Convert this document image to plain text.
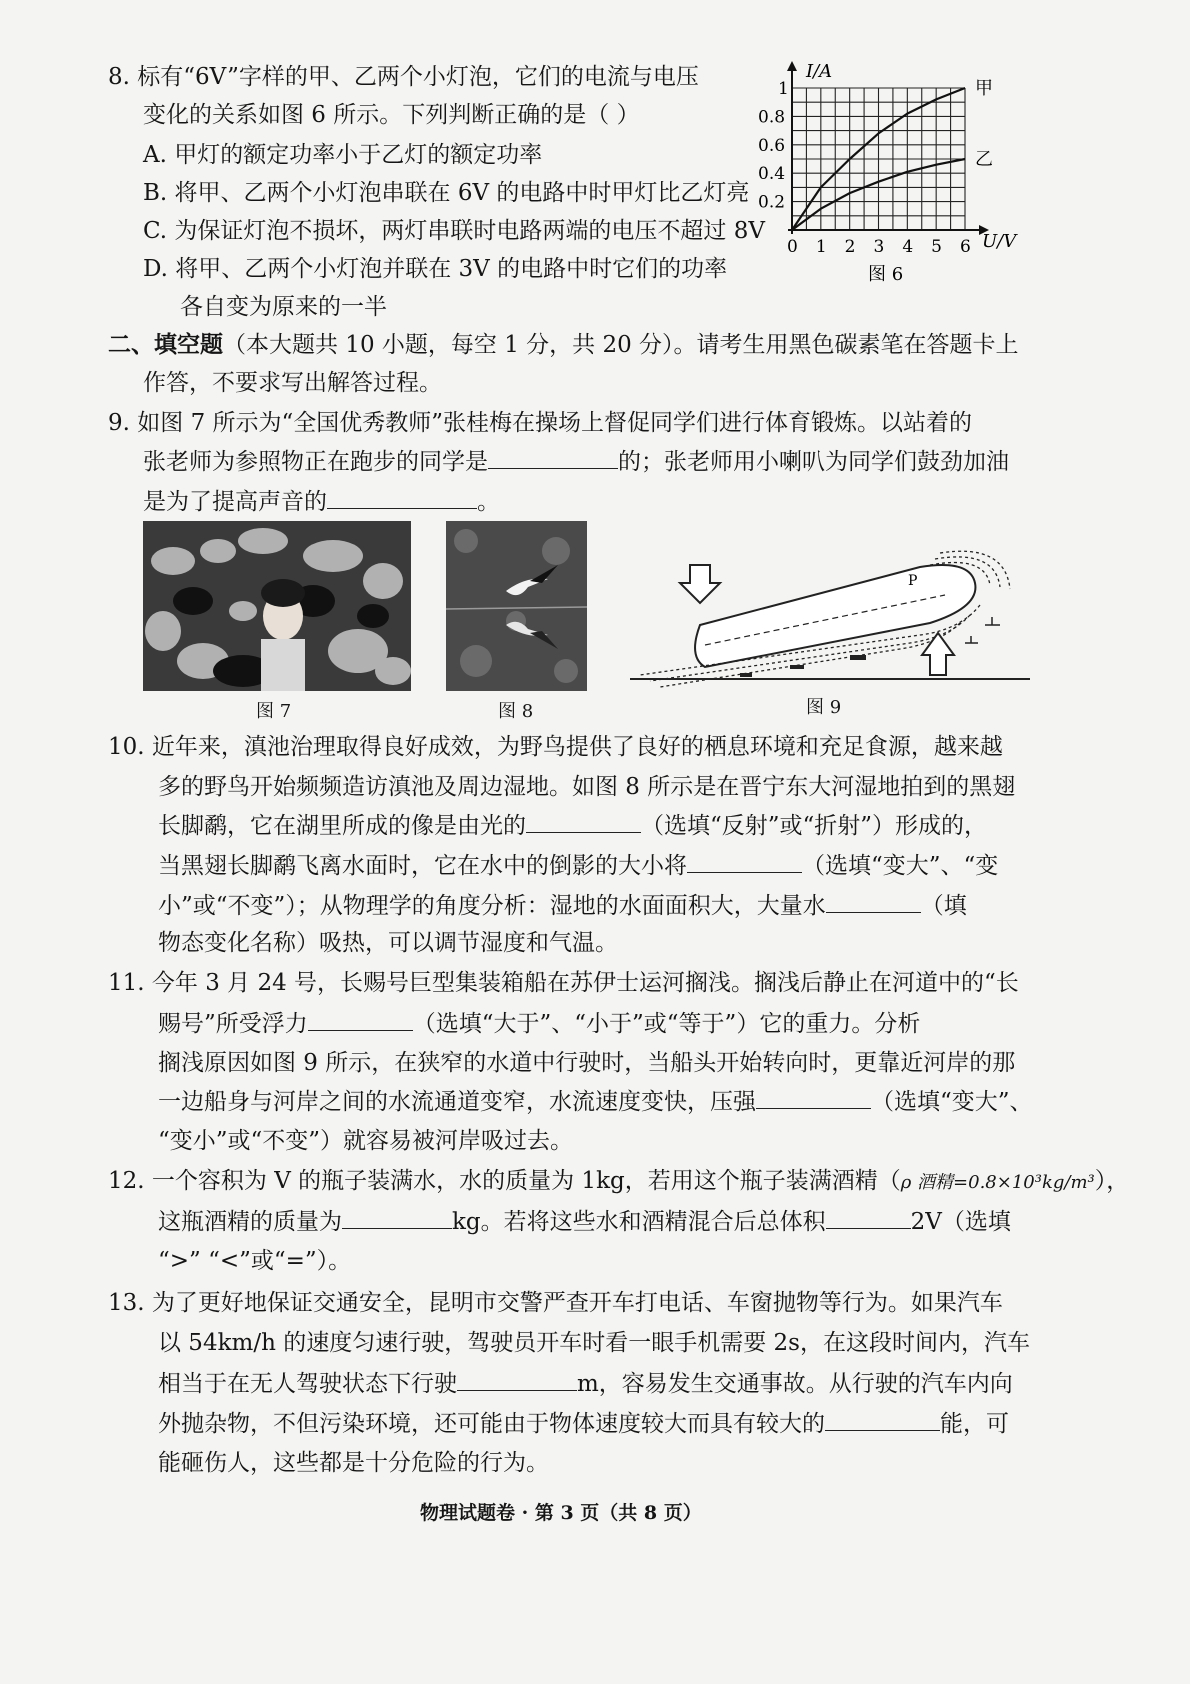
8. 标有“6V”字样的甲、乙两个小灯泡，它们的电流与电压
变化的关系如图 6 所示。下列判断正确的是（ ）
A. 甲灯的额定功率小于乙灯的额定功率
B. 将甲、乙两个小灯泡串联在 6V 的电路中时甲灯比乙灯亮
C. 为保证灯泡不损坏，两灯串联时电路两端的电压不超过 8V
D. 将甲、乙两个小灯泡并联在 3V 的电路中时它们的功率
各自变为原来的一半
0 1 2 3 4 5 6
0.2
0.4
0.6
0.8
1	甲
乙
I/A
U/V
图 6
二、填空题（本大题共 10 小题，每空 1 分，共 20 分）。请考生用黑色碳素笔在答题卡上
作答，不要求写出解答过程。
9. 如图 7 所示为“全国优秀教师”张桂梅在操场上督促同学们进行体育锻炼。以站着的
张老师为参照物正在跑步的同学是	的；张老师用小喇叭为同学们鼓劲加油
是为了提高声音的	。
图 7	图 8
P
图 9
10. 近年来，滇池治理取得良好成效，为野鸟提供了良好的栖息环境和充足食源，越来越
多的野鸟开始频频造访滇池及周边湿地。如图 8 所示是在晋宁东大河湿地拍到的黑翅
长脚鹬，它在湖里所成的像是由光的	（选填“反射”或“折射”）形成的，
当黑翅长脚鹬飞离水面时，它在水中的倒影的大小将	（选填“变大”、“变
小”或“不变”）；从物理学的角度分析：湿地的水面面积大，大量水	（填
物态变化名称）吸热，可以调节湿度和气温。
11. 今年 3 月 24 号，长赐号巨型集装箱船在苏伊士运河搁浅。搁浅后静止在河道中的“长
赐号”所受浮力	（选填“大于”、“小于”或“等于”）它的重力。分析
搁浅原因如图 9 所示，在狭窄的水道中行驶时，当船头开始转向时，更靠近河岸的那
一边船身与河岸之间的水流通道变窄，水流速度变快，压强	（选填“变大”、
“变小”或“不变”）就容易被河岸吸过去。
12. 一个容积为 V 的瓶子装满水，水的质量为 1kg，若用这个瓶子装满酒精（ρ 酒精=0.8×10³kg/m³），
这瓶酒精的质量为	kg。若将这些水和酒精混合后总体积	2V（选填
“>” “<”或“=”）。
13. 为了更好地保证交通安全，昆明市交警严查开车打电话、车窗抛物等行为。如果汽车
以 54km/h 的速度匀速行驶，驾驶员开车时看一眼手机需要 2s，在这段时间内，汽车
相当于在无人驾驶状态下行驶	m，容易发生交通事故。从行驶的汽车内向
外抛杂物，不但污染环境，还可能由于物体速度较大而具有较大的	能，可
能砸伤人，这些都是十分危险的行为。
物理试题卷 · 第 3 页（共 8 页）
